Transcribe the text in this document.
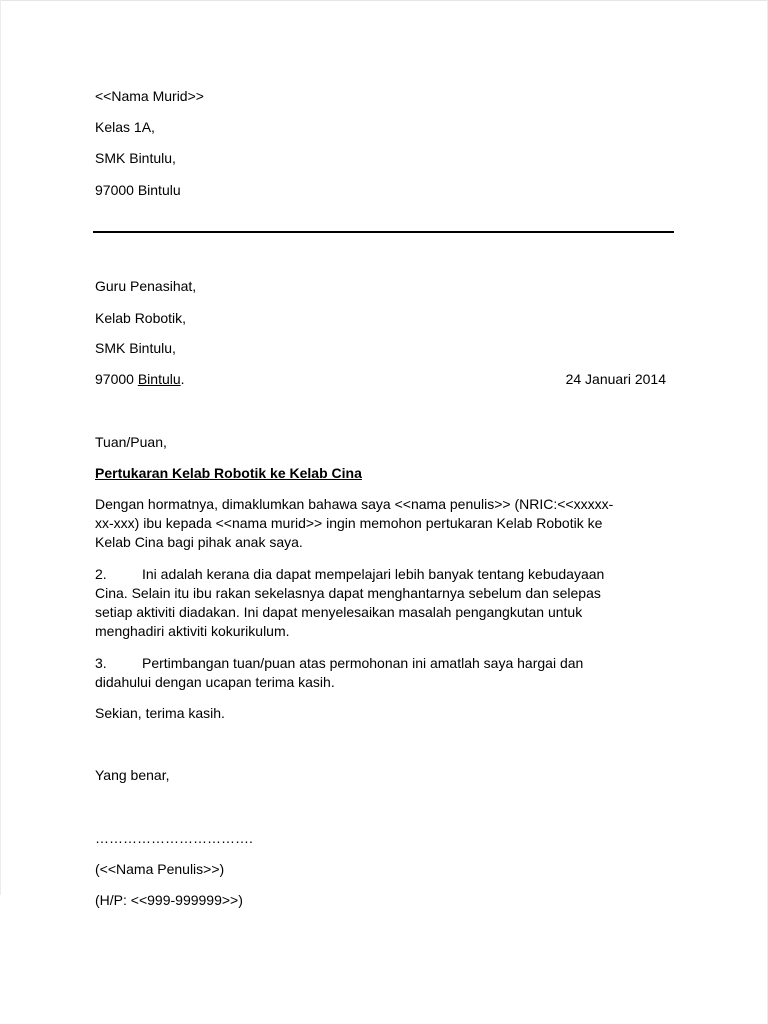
<<Nama Murid>>
Kelas 1A,
SMK Bintulu,
97000 Bintulu
Guru Penasihat,
Kelab Robotik,
SMK Bintulu,
97000 Bintulu.	24 Januari 2014
Tuan/Puan,
Pertukaran Kelab Robotik ke Kelab Cina
Dengan hormatnya, dimaklumkan bahawa saya <<nama penulis>> (NRIC:<<xxxxx-
xx-xxx) ibu kepada <<nama murid>> ingin memohon pertukaran Kelab Robotik ke
Kelab Cina bagi pihak anak saya.
2.	Ini adalah kerana dia dapat mempelajari lebih banyak tentang kebudayaan
Cina. Selain itu ibu rakan sekelasnya dapat menghantarnya sebelum dan selepas
setiap aktiviti diadakan. Ini dapat menyelesaikan masalah pengangkutan untuk
menghadiri aktiviti kokurikulum.
3.	Pertimbangan tuan/puan atas permohonan ini amatlah saya hargai dan
didahului dengan ucapan terima kasih.
Sekian, terima kasih.
Yang benar,
…………………………….
(<<Nama Penulis>>)
(H/P: <<999-999999>>)
